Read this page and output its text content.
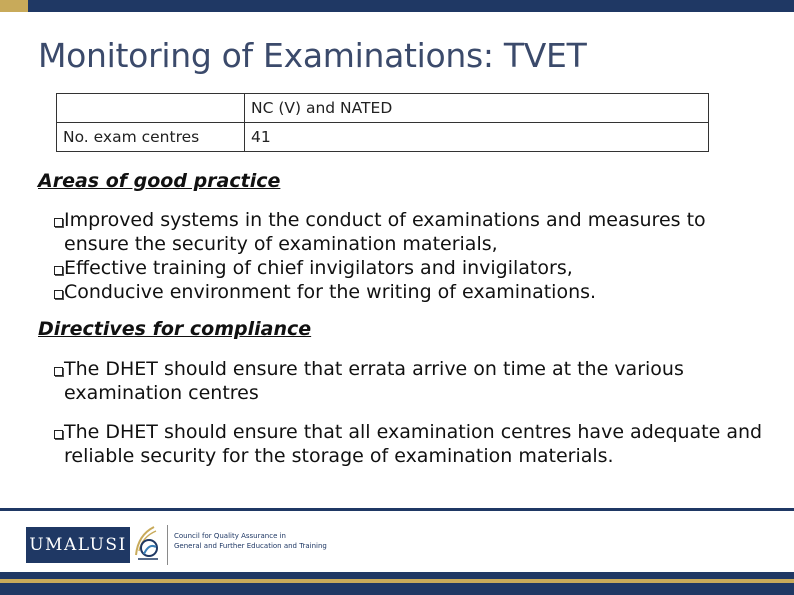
Monitoring of Examinations: TVET
	NC (V) and NATED
No. exam centres	41
Areas of good practice
Improved systems in the conduct of examinations and measures to ensure the security of examination materials,
Effective training of chief invigilators and invigilators,
Conducive environment for the writing of examinations.
Directives for compliance
The DHET should ensure that errata arrive on time at the various examination centres
The DHET should ensure that all examination centres have adequate and reliable security for the storage of examination materials.
UMALUSI	Council for Quality Assurance in
General and Further Education and Training
